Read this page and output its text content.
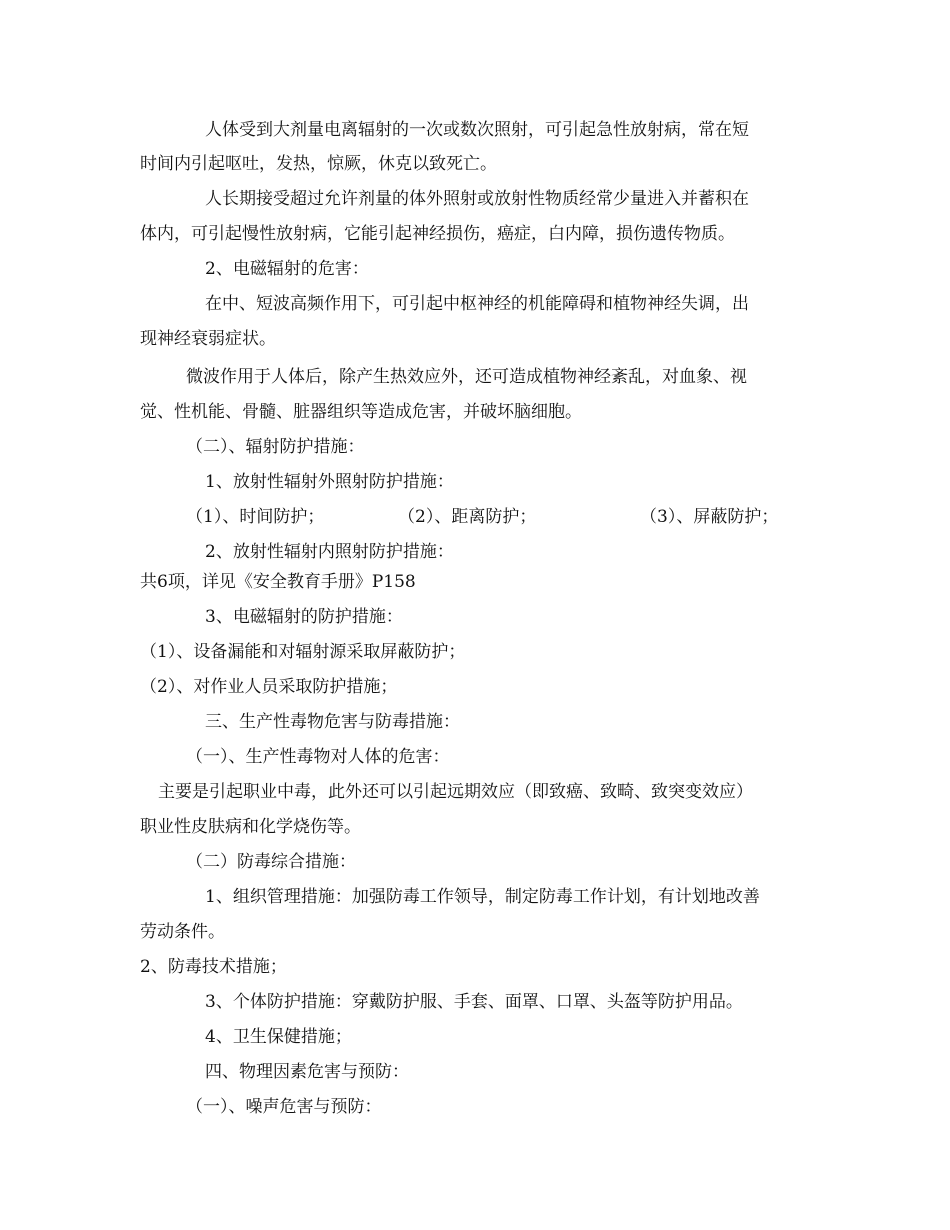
人体受到大剂量电离辐射的一次或数次照射，可引起急性放射病，常在短
时间内引起呕吐，发热，惊厥，休克以致死亡。
人长期接受超过允许剂量的体外照射或放射性物质经常少量进入并蓄积在
体内，可引起慢性放射病，它能引起神经损伤，癌症，白内障，损伤遗传物质。
2、电磁辐射的危害：
在中、短波高频作用下，可引起中枢神经的机能障碍和植物神经失调，出
现神经衰弱症状。
微波作用于人体后，除产生热效应外，还可造成植物神经紊乱，对血象、视
觉、性机能、骨髓、脏器组织等造成危害，并破坏脑细胞。
（二）、辐射防护措施：
1、放射性辐射外照射防护措施：
（1）、时间防护；	（2）、距离防护；	（3）、屏蔽防护；
2、放射性辐射内照射防护措施：
共6项，详见《安全教育手册》P158
3、电磁辐射的防护措施：
（1）、设备漏能和对辐射源采取屏蔽防护；
（2）、对作业人员采取防护措施；
三、生产性毒物危害与防毒措施：
（一）、生产性毒物对人体的危害：
主要是引起职业中毒，此外还可以引起远期效应（即致癌、致畸、致突变效应）
职业性皮肤病和化学烧伤等。
（二）防毒综合措施：
1、组织管理措施：加强防毒工作领导，制定防毒工作计划，有计划地改善
劳动条件。
2、防毒技术措施；
3、个体防护措施：穿戴防护服、手套、面罩、口罩、头盔等防护用品。
4、卫生保健措施；
四、物理因素危害与预防：
（一）、噪声危害与预防：
